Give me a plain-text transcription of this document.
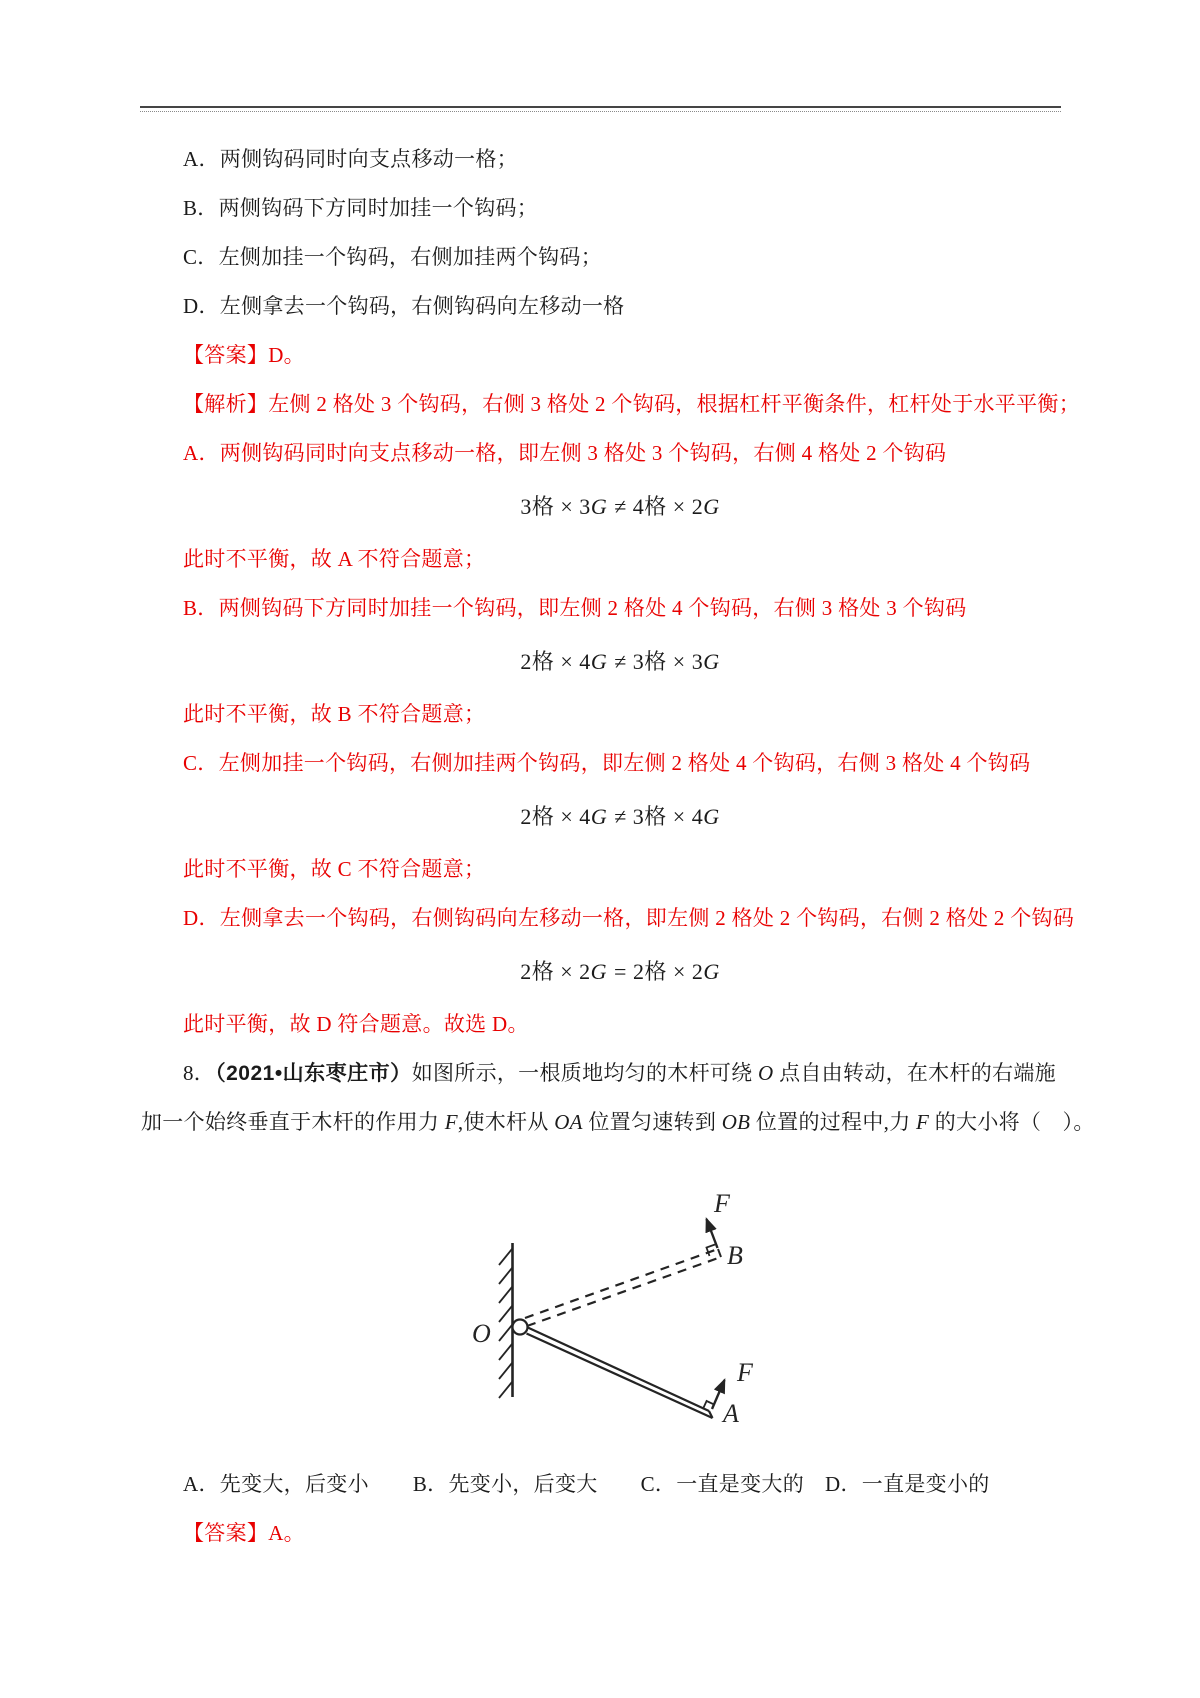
A．两侧钩码同时向支点移动一格；

B．两侧钩码下方同时加挂一个钩码；

C．左侧加挂一个钩码，右侧加挂两个钩码；

D．左侧拿去一个钩码，右侧钩码向左移动一格

【答案】D。

【解析】左侧 2 格处 3 个钩码，右侧 3 格处 2 个钩码，根据杠杆平衡条件，杠杆处于水平平衡；

A．两侧钩码同时向支点移动一格，即左侧 3 格处 3 个钩码，右侧 4 格处 2 个钩码

3格 × 3G ≠ 4格 × 2G

此时不平衡，故 A 不符合题意；

B．两侧钩码下方同时加挂一个钩码，即左侧 2 格处 4 个钩码，右侧 3 格处 3 个钩码

2格 × 4G ≠ 3格 × 3G

此时不平衡，故 B 不符合题意；

C．左侧加挂一个钩码，右侧加挂两个钩码，即左侧 2 格处 4 个钩码，右侧 3 格处 4 个钩码

2格 × 4G ≠ 3格 × 4G

此时不平衡，故 C 不符合题意；

D．左侧拿去一个钩码，右侧钩码向左移动一格，即左侧 2 格处 2 个钩码，右侧 2 格处 2 个钩码

2格 × 2G = 2格 × 2G

此时平衡，故 D 符合题意。故选 D。

8．（2021•山东枣庄市）如图所示，一根质地均匀的木杆可绕 O 点自由转动，在木杆的右端施

加一个始终垂直于木杆的作用力 F,使木杆从 OA 位置匀速转到 OB 位置的过程中,力 F 的大小将（　）。

O
F
B
F
A

A．先变大，后变小 B．先变小，后变大 C．一直是变大的 D．一直是变小的

【答案】A。
